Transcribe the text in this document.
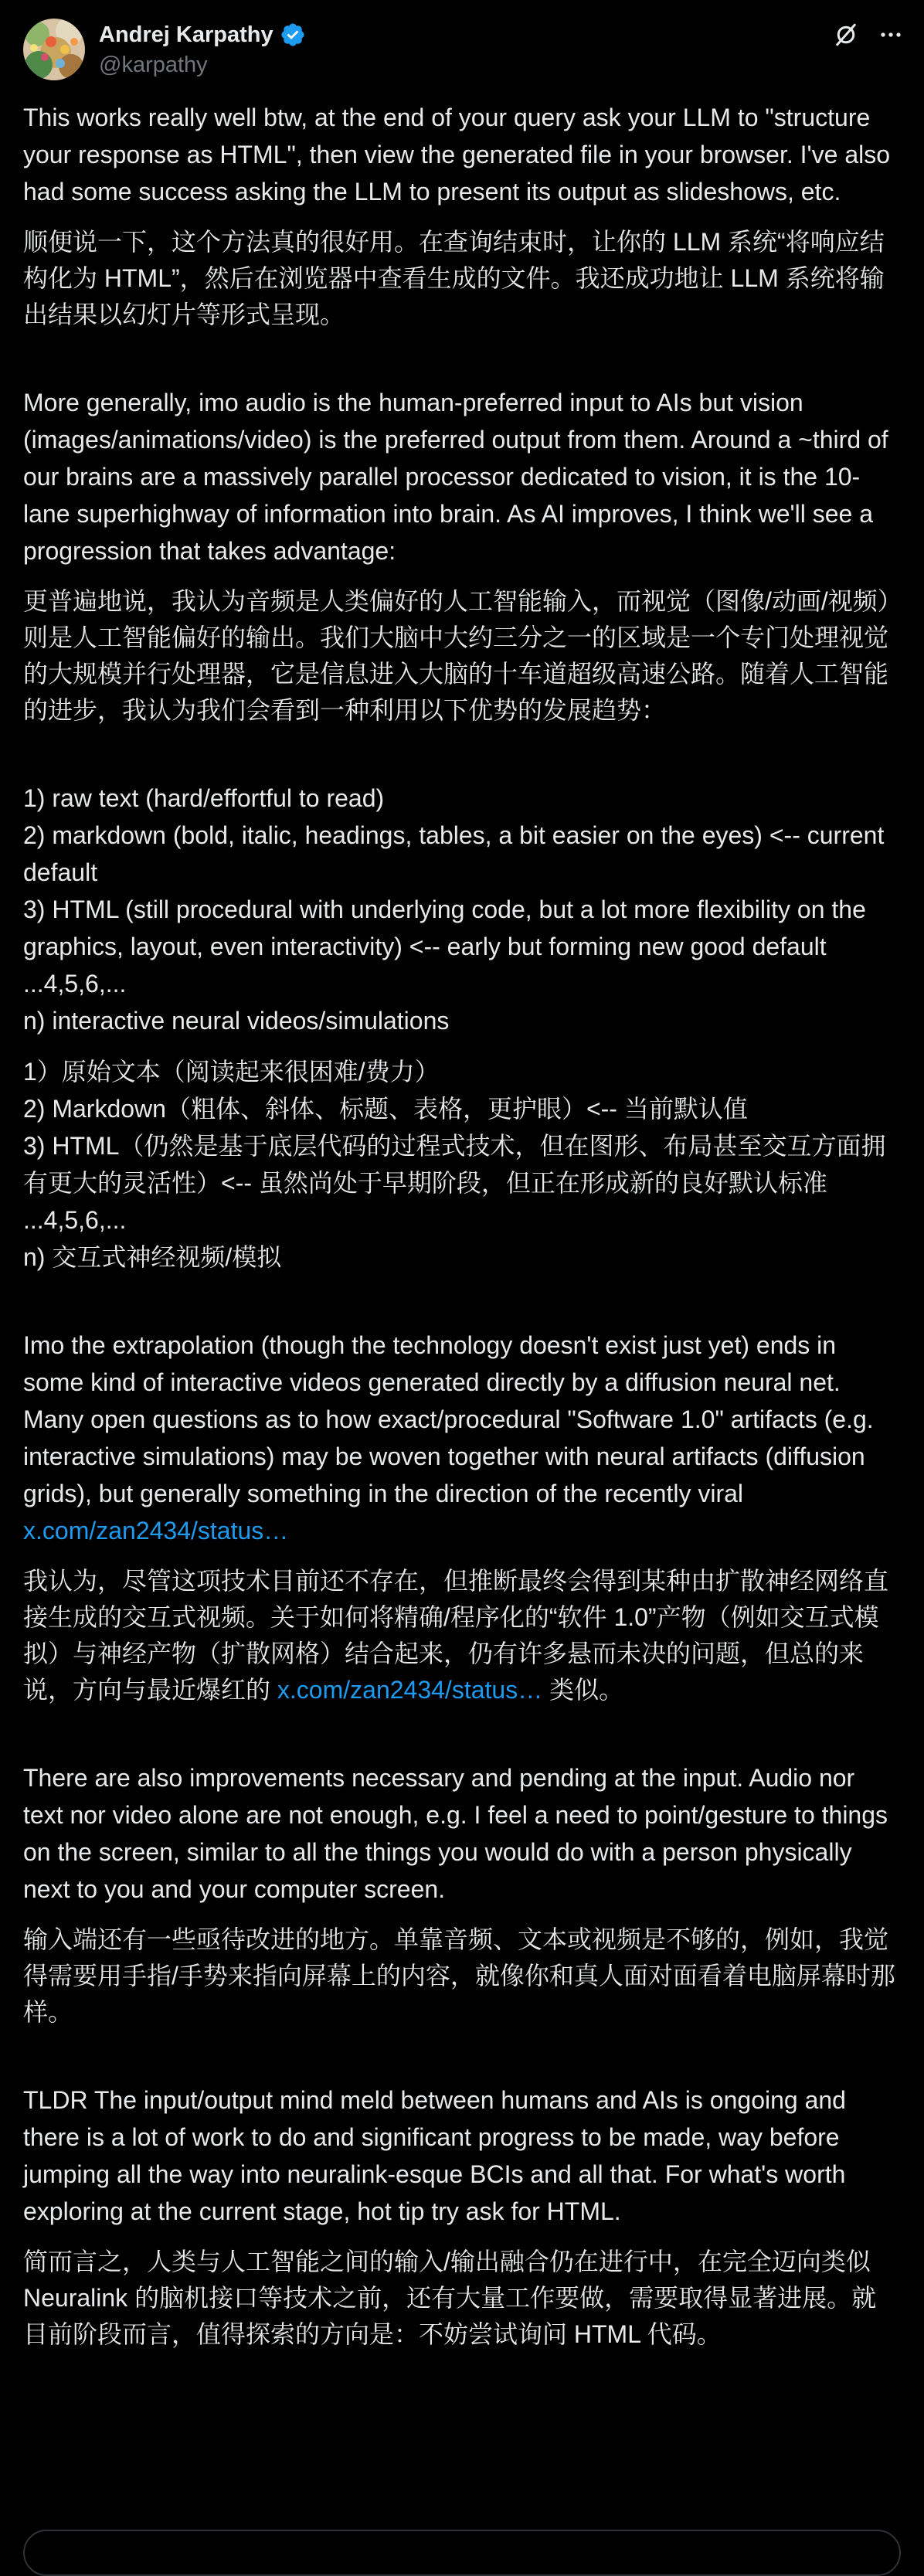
Andrej Karpathy
@karpathy

This works really well btw, at the end of your query ask your LLM to "structure your response as HTML", then view the generated file in your browser. I've also had some success asking the LLM to present its output as slideshows, etc.

顺便说一下，这个方法真的很好用。在查询结束时，让你的 LLM 系统“将响应结构化为 HTML”，然后在浏览器中查看生成的文件。我还成功地让 LLM 系统将输出结果以幻灯片等形式呈现。

More generally, imo audio is the human-preferred input to AIs but vision (images/animations/video) is the preferred output from them. Around a ~third of our brains are a massively parallel processor dedicated to vision, it is the 10-lane superhighway of information into brain. As AI improves, I think we'll see a progression that takes advantage:

更普遍地说，我认为音频是人类偏好的人工智能输入，而视觉（图像/动画/视频）则是人工智能偏好的输出。我们大脑中大约三分之一的区域是一个专门处理视觉的大规模并行处理器，它是信息进入大脑的十车道超级高速公路。随着人工智能的进步，我认为我们会看到一种利用以下优势的发展趋势：

1) raw text (hard/effortful to read)

2) markdown (bold, italic, headings, tables, a bit easier on the eyes) <-- current default

3) HTML (still procedural with underlying code, but a lot more flexibility on the graphics, layout, even interactivity) <-- early but forming new good default

...4,5,6,...

n) interactive neural videos/simulations

1）原始文本（阅读起来很困难/费力）

2) Markdown（粗体、斜体、标题、表格，更护眼）<-- 当前默认值

3) HTML（仍然是基于底层代码的过程式技术，但在图形、布局甚至交互方面拥有更大的灵活性）<-- 虽然尚处于早期阶段，但正在形成新的良好默认标准

...4,5,6,...

n) 交互式神经视频/模拟

Imo the extrapolation (though the technology doesn't exist just yet) ends in some kind of interactive videos generated directly by a diffusion neural net. Many open questions as to how exact/procedural "Software 1.0" artifacts (e.g. interactive simulations) may be woven together with neural artifacts (diffusion grids), but generally something in the direction of the recently viral x.com/zan2434/status…

我认为，尽管这项技术目前还不存在，但推断最终会得到某种由扩散神经网络直接生成的交互式视频。关于如何将精确/程序化的“软件 1.0”产物（例如交互式模拟）与神经产物（扩散网格）结合起来，仍有许多悬而未决的问题，但总的来说，方向与最近爆红的 x.com/zan2434/status… 类似。

There are also improvements necessary and pending at the input. Audio nor text nor video alone are not enough, e.g. I feel a need to point/gesture to things on the screen, similar to all the things you would do with a person physically next to you and your computer screen.

输入端还有一些亟待改进的地方。单靠音频、文本或视频是不够的，例如，我觉得需要用手指/手势来指向屏幕上的内容，就像你和真人面对面看着电脑屏幕时那样。

TLDR The input/output mind meld between humans and AIs is ongoing and there is a lot of work to do and significant progress to be made, way before jumping all the way into neuralink-esque BCIs and all that. For what's worth exploring at the current stage, hot tip try ask for HTML.

简而言之，人类与人工智能之间的输入/输出融合仍在进行中，在完全迈向类似 Neuralink 的脑机接口等技术之前，还有大量工作要做，需要取得显著进展。就目前阶段而言，值得探索的方向是：不妨尝试询问 HTML 代码。
